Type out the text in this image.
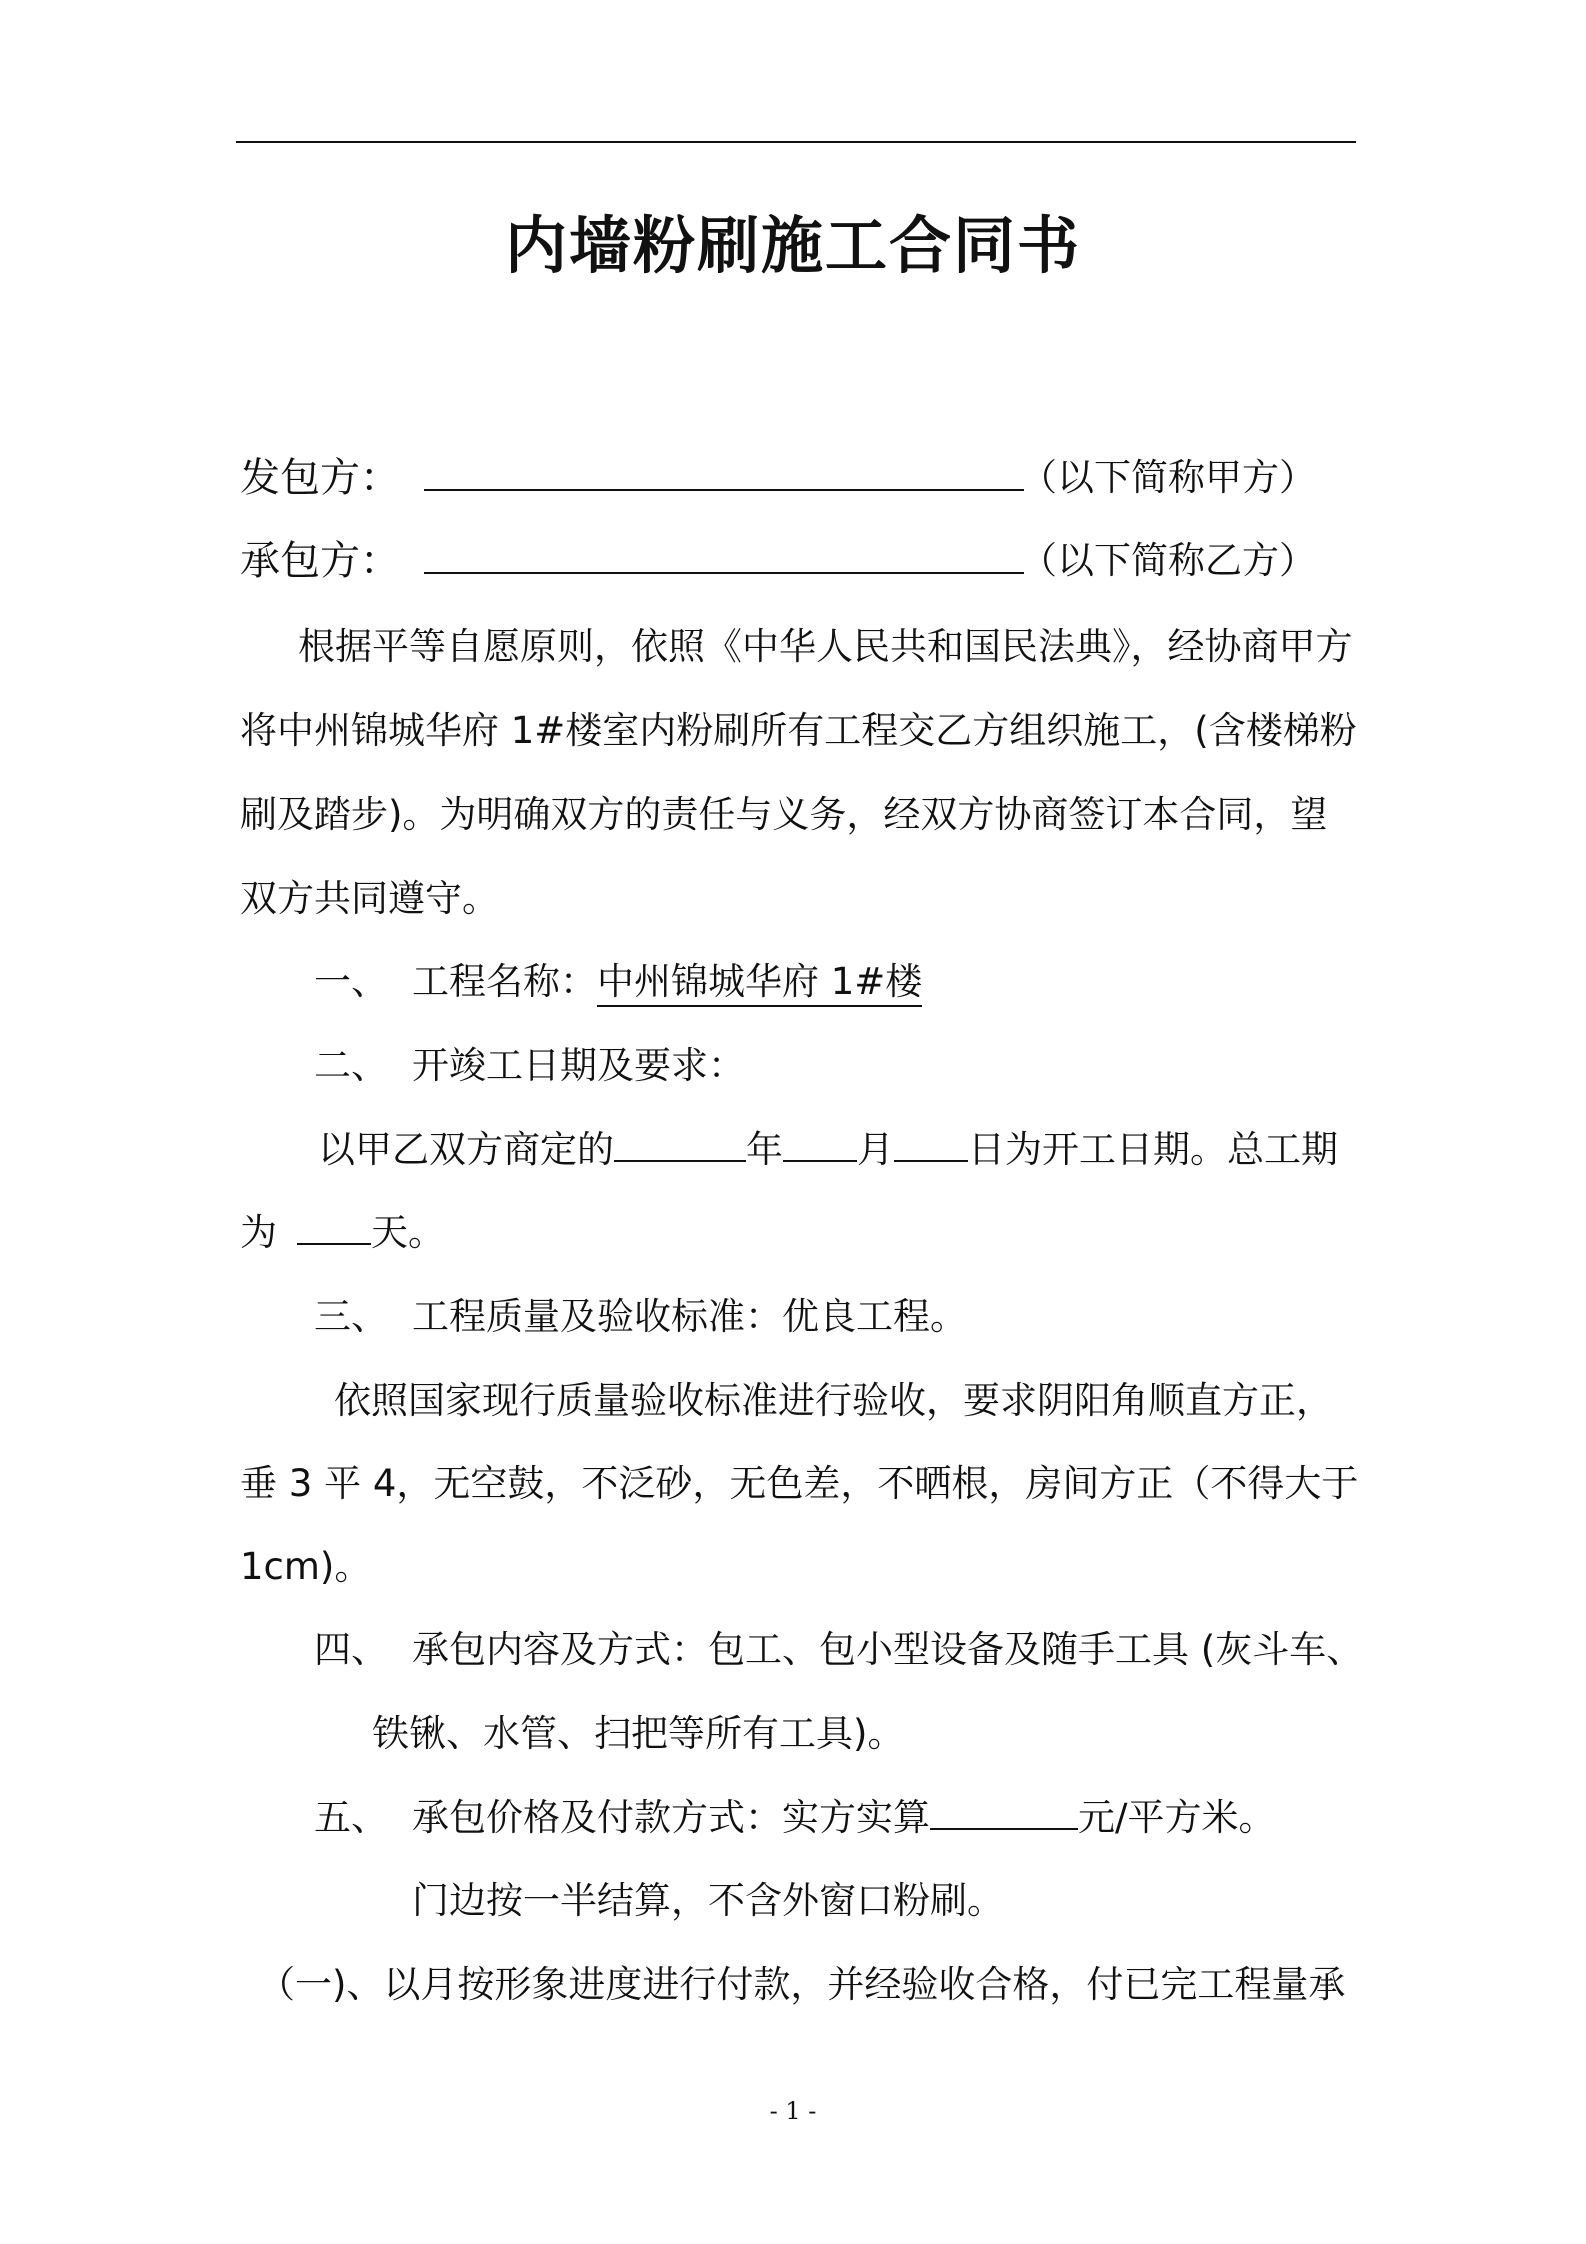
内墙粉刷施工合同书
发包方：	（以下简称甲方）
承包方：	（以下简称乙方）
根据平等自愿原则，依照《中华人民共和国民法典》，经协商甲方
将中州锦城华府 1#楼室内粉刷所有工程交乙方组织施工，(含楼梯粉
刷及踏步)。为明确双方的责任与义务，经双方协商签订本合同，望
双方共同遵守。
一、 工程名称：中州锦城华府 1#楼
二、 开竣工日期及要求：
以甲乙双方商定的	年 月 日为开工日期。总工期
为	天。
三、 工程质量及验收标准：优良工程。
依照国家现行质量验收标准进行验收，要求阴阳角顺直方正，
垂 3 平 4，无空鼓，不泛砂，无色差，不晒根，房间方正（不得大于
1cm)。
四、 承包内容及方式：包工、包小型设备及随手工具 (灰斗车、
铁锹、水管、扫把等所有工具)。
五、 承包价格及付款方式：实方实算	元/平方米。
门边按一半结算，不含外窗口粉刷。
（一)、以月按形象进度进行付款，并经验收合格，付已完工程量承
- 1 -
